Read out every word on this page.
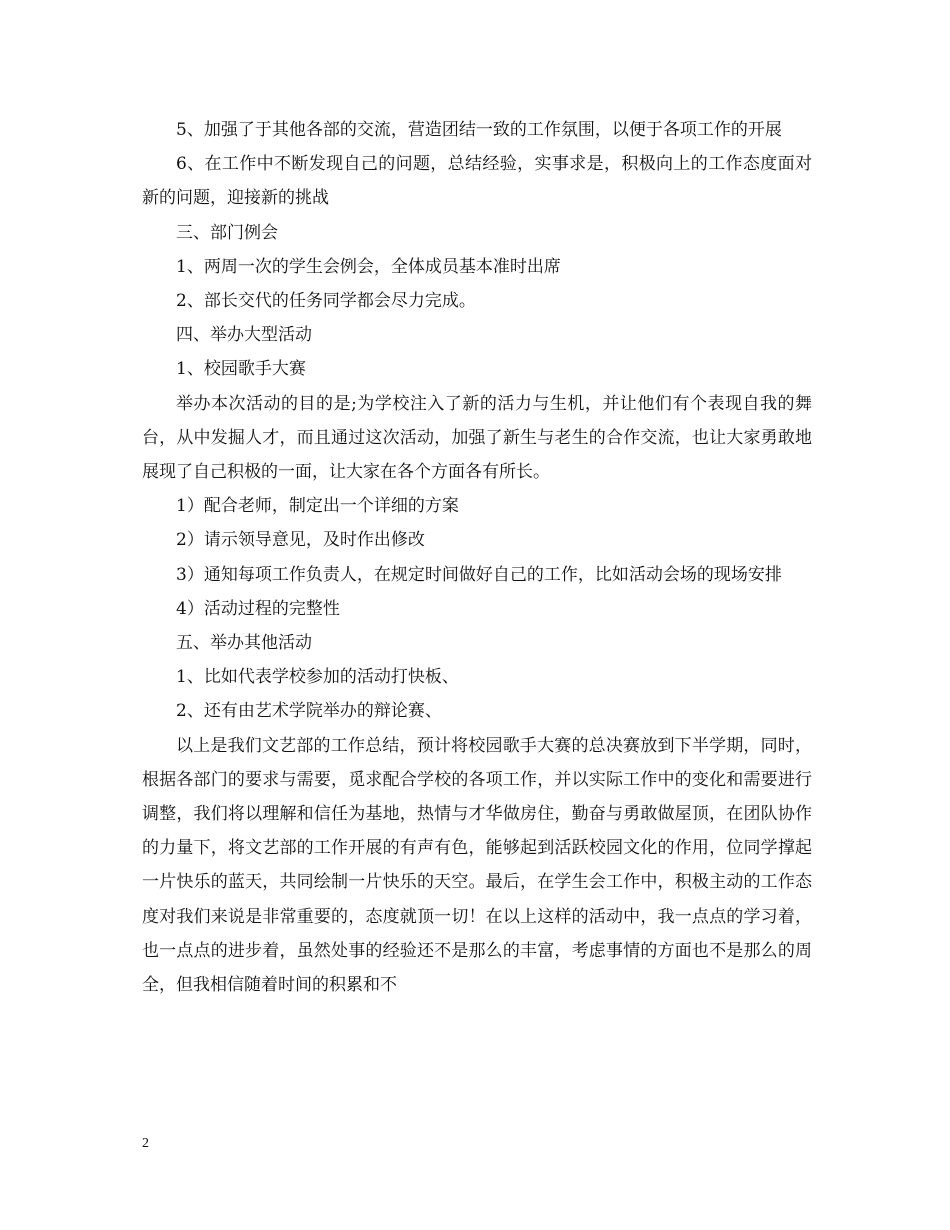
5、加强了于其他各部的交流，营造团结一致的工作氛围，以便于各项工作的开展

6、在工作中不断发现自己的问题，总结经验，实事求是，积极向上的工作态度面对新的问题，迎接新的挑战

三、部门例会

1、两周一次的学生会例会，全体成员基本准时出席

2、部长交代的任务同学都会尽力完成。

四、举办大型活动

1、校园歌手大赛

举办本次活动的目的是;为学校注入了新的活力与生机，并让他们有个表现自我的舞台，从中发掘人才，而且通过这次活动，加强了新生与老生的合作交流，也让大家勇敢地展现了自己积极的一面，让大家在各个方面各有所长。

1）配合老师，制定出一个详细的方案

2）请示领导意见，及时作出修改

3）通知每项工作负责人，在规定时间做好自己的工作，比如活动会场的现场安排

4）活动过程的完整性

五、举办其他活动

1、比如代表学校参加的活动打快板、

2、还有由艺术学院举办的辩论赛、

以上是我们文艺部的工作总结，预计将校园歌手大赛的总决赛放到下半学期，同时，根据各部门的要求与需要，觅求配合学校的各项工作，并以实际工作中的变化和需要进行调整，我们将以理解和信任为基地，热情与才华做房住，勤奋与勇敢做屋顶，在团队协作的力量下，将文艺部的工作开展的有声有色，能够起到活跃校园文化的作用，位同学撑起一片快乐的蓝天，共同绘制一片快乐的天空。最后，在学生会工作中，积极主动的工作态度对我们来说是非常重要的，态度就顶一切！在以上这样的活动中，我一点点的学习着，也一点点的进步着，虽然处事的经验还不是那么的丰富，考虑事情的方面也不是那么的周全，但我相信随着时间的积累和不

2
